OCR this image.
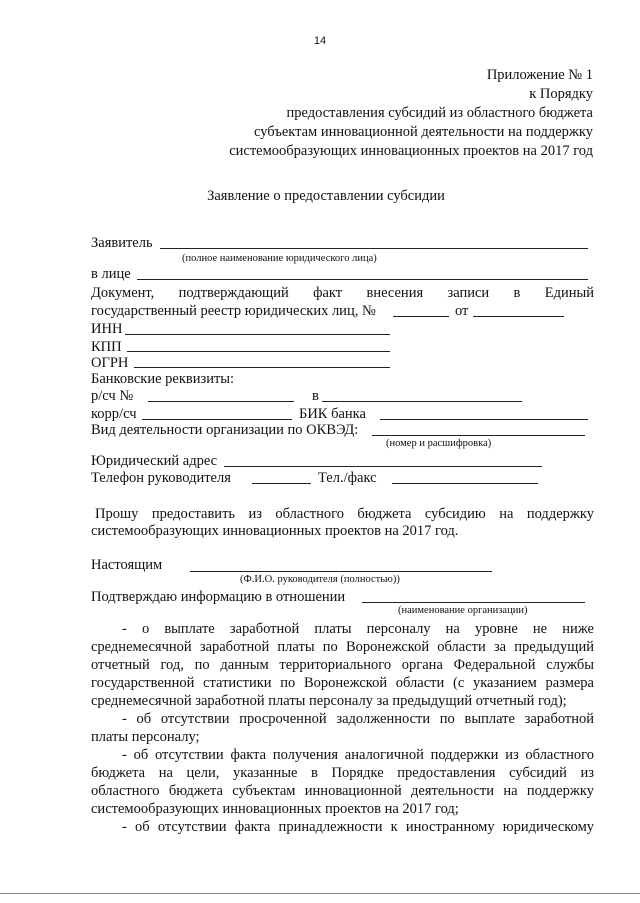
14
Приложение № 1
к Порядку
предоставления субсидий из областного бюджета
субъектам инновационной деятельности на поддержку
системообразующих инновационных проектов на 2017 год
Заявление о предоставлении субсидии
Заявитель
(полное наименование юридического лица)
в лице
Документ, подтверждающий факт внесения записи в Единый
государственный реестр юридических лиц, №	от
ИНН
КПП
ОГРН
Банковские реквизиты:
р/сч №	в
корр/сч	БИК банка
Вид деятельности организации по ОКВЭД:
(номер и расшифровка)
Юридический адрес
Телефон руководителя	Тел./факс
Прошу предоставить из областного бюджета субсидию на поддержку
системообразующих инновационных проектов на 2017 год.
Настоящим
(Ф.И.О. руководителя (полностью))
Подтверждаю информацию в отношении
(наименование организации)
- о выплате заработной платы персоналу на уровне не ниже
среднемесячной заработной платы по Воронежской области за предыдущий
отчетный год, по данным территориального органа Федеральной службы
государственной статистики по Воронежской области (с указанием размера
среднемесячной заработной платы персоналу за предыдущий отчетный год);
- об отсутствии просроченной задолженности по выплате заработной
платы персоналу;
- об отсутствии факта получения аналогичной поддержки из областного
бюджета на цели, указанные в Порядке предоставления субсидий из
областного бюджета субъектам инновационной деятельности на поддержку
системообразующих инновационных проектов на 2017 год;
- об отсутствии факта принадлежности к иностранному юридическому
